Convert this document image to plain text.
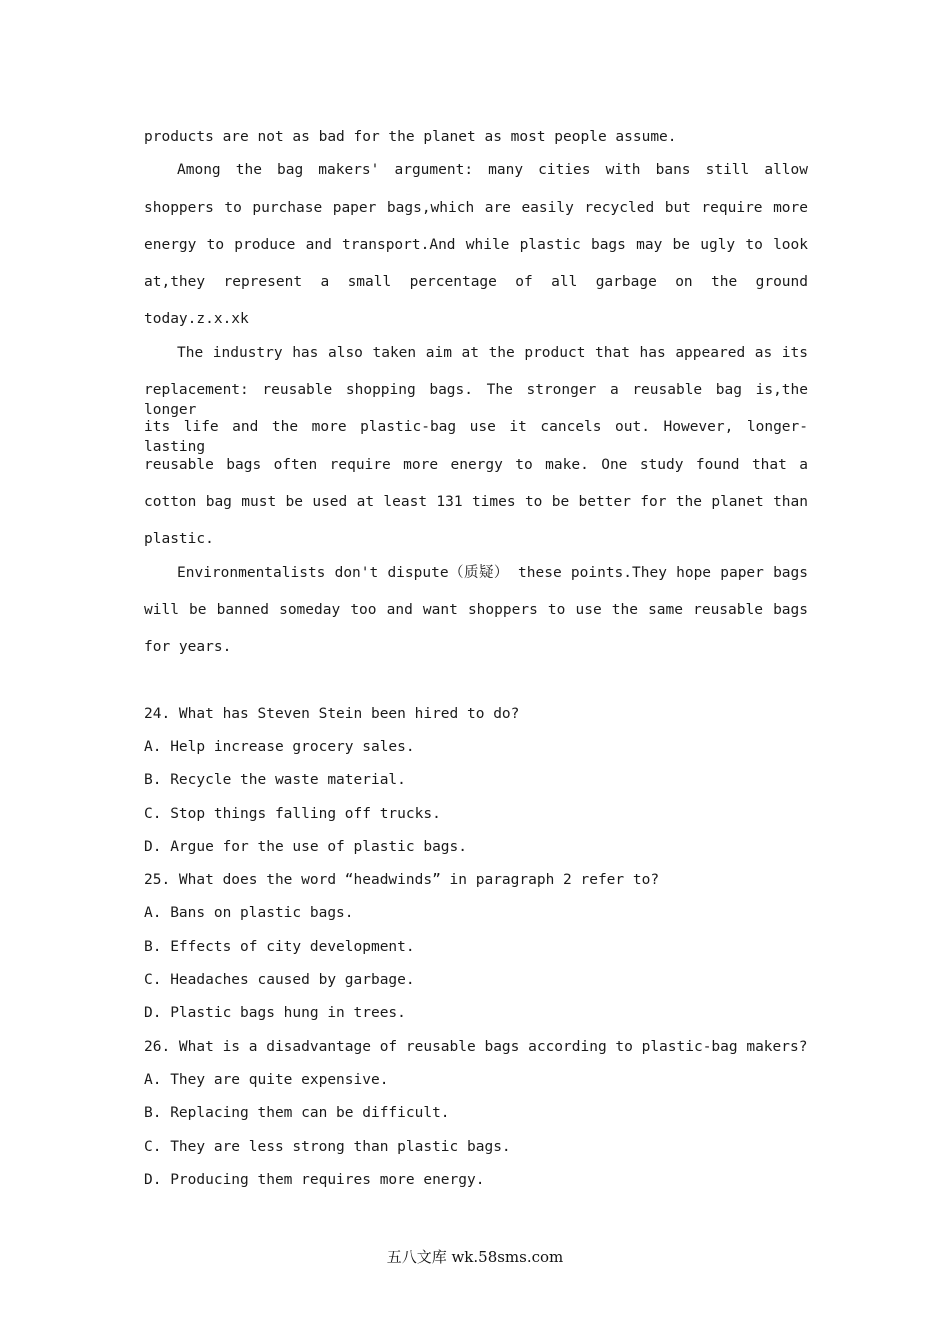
products are not as bad for the planet as most people assume.
Among the bag makers' argument: many cities with bans still allow
shoppers to purchase paper bags,which are easily recycled but require more
energy to produce and transport.And while plastic bags may be ugly to look
at,they represent a small percentage of all garbage on the ground
today.z.x.xk
The industry has also taken aim at the product that has appeared as its
replacement: reusable shopping bags. The stronger a reusable bag is,the longer
its life and the more plastic-bag use it cancels out. However, longer-lasting
reusable bags often require more energy to make. One study found that a
cotton bag must be used at least 131 times to be better for the planet than
plastic.
Environmentalists don't dispute（质疑） these points.They hope paper bags
will be banned someday too and want shoppers to use the same reusable bags
for years.
24. What has Steven Stein been hired to do?
A. Help increase grocery sales.
B. Recycle the waste material.
C. Stop things falling off trucks.
D. Argue for the use of plastic bags.
25. What does the word “headwinds” in paragraph 2 refer to?
A. Bans on plastic bags.
B. Effects of city development.
C. Headaches caused by garbage.
D. Plastic bags hung in trees.
26. What is a disadvantage of reusable bags according to plastic-bag makers?
A. They are quite expensive.
B. Replacing them can be difficult.
C. They are less strong than plastic bags.
D. Producing them requires more energy.
五八文库 wk.58sms.com
